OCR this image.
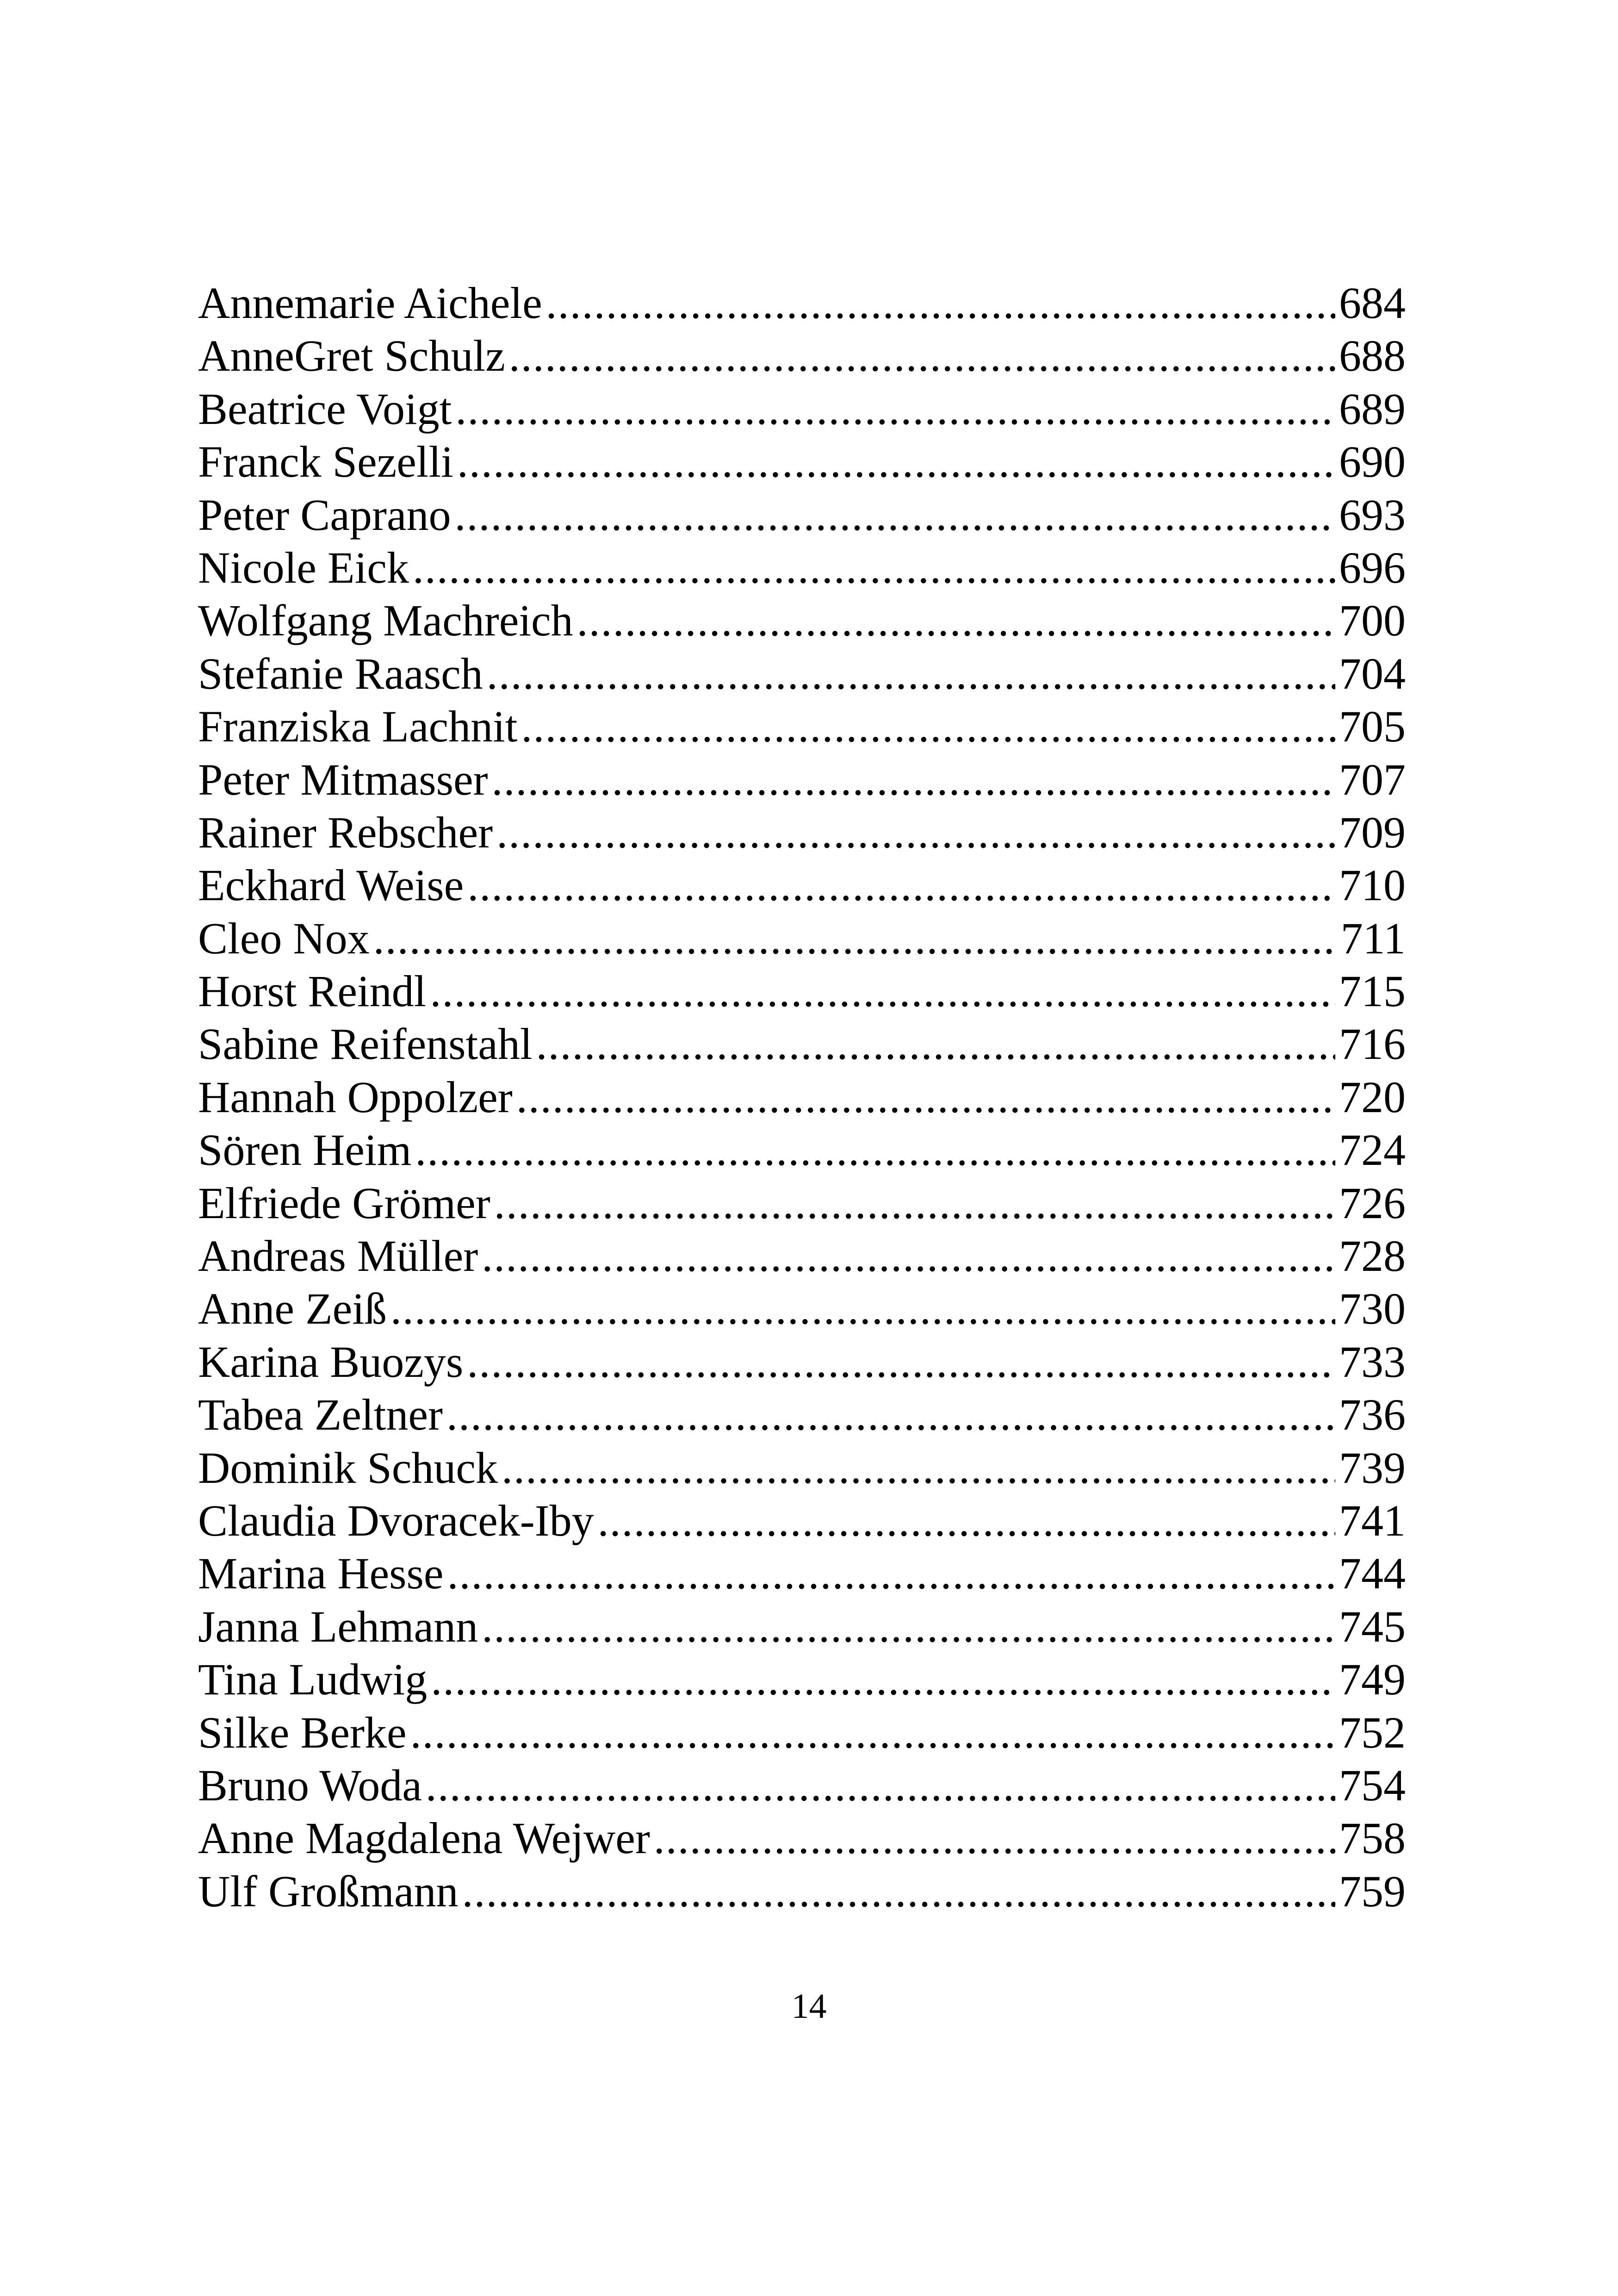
Annemarie Aichele .....	684
AnneGret Schulz .....	688
Beatrice Voigt .....	689
Franck Sezelli .....	690
Peter Caprano .....	693
Nicole Eick .....	696
Wolfgang Machreich .....	700
Stefanie Raasch .....	704
Franziska Lachnit .....	705
Peter Mitmasser .....	707
Rainer Rebscher .....	709
Eckhard Weise .....	710
Cleo Nox .....	711
Horst Reindl .....	715
Sabine Reifenstahl .....	716
Hannah Oppolzer .....	720
Sören Heim .....	724
Elfriede Grömer .....	726
Andreas Müller .....	728
Anne Zeiß .....	730
Karina Buozys .....	733
Tabea Zeltner .....	736
Dominik Schuck .....	739
Claudia Dvoracek-Iby .....	741
Marina Hesse .....	744
Janna Lehmann .....	745
Tina Ludwig .....	749
Silke Berke .....	752
Bruno Woda .....	754
Anne Magdalena Wejwer .....	758
Ulf Großmann .....	759
14
